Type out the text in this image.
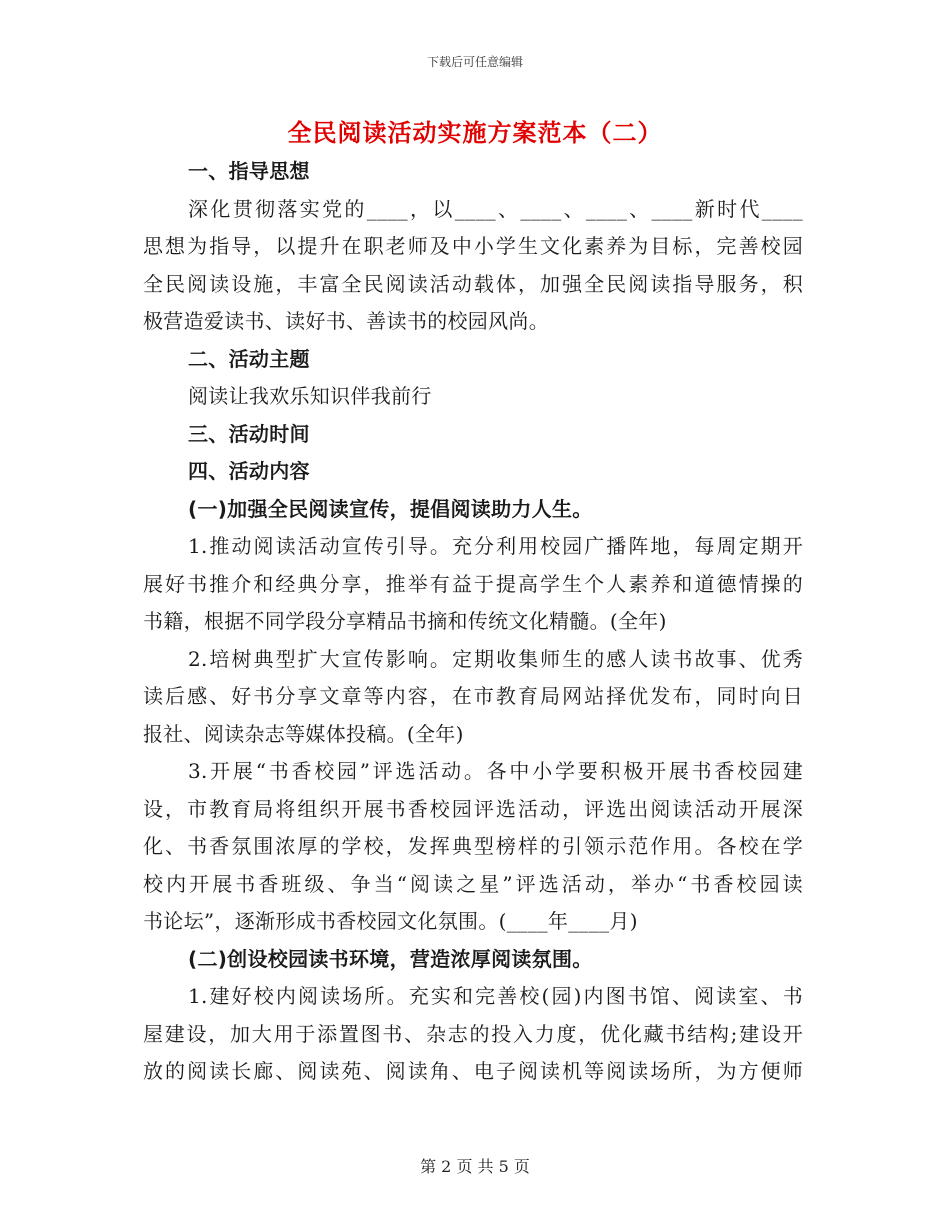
下载后可任意编辑
全民阅读活动实施方案范本（二）
一、指导思想
深化贯彻落实党的____，以____、____、____、____新时代____
思想为指导，以提升在职老师及中小学生文化素养为目标，完善校园
全民阅读设施，丰富全民阅读活动载体，加强全民阅读指导服务，积
极营造爱读书、读好书、善读书的校园风尚。
二、活动主题
阅读让我欢乐知识伴我前行
三、活动时间
四、活动内容
(一)加强全民阅读宣传，提倡阅读助力人生。
1.推动阅读活动宣传引导。充分利用校园广播阵地，每周定期开
展好书推介和经典分享，推举有益于提高学生个人素养和道德情操的
书籍，根据不同学段分享精品书摘和传统文化精髓。(全年)
2.培树典型扩大宣传影响。定期收集师生的感人读书故事、优秀
读后感、好书分享文章等内容，在市教育局网站择优发布，同时向日
报社、阅读杂志等媒体投稿。(全年)
3.开展“书香校园”评选活动。各中小学要积极开展书香校园建
设，市教育局将组织开展书香校园评选活动，评选出阅读活动开展深
化、书香氛围浓厚的学校，发挥典型榜样的引领示范作用。各校在学
校内开展书香班级、争当“阅读之星”评选活动，举办“书香校园读
书论坛”，逐渐形成书香校园文化氛围。(____年____月)
(二)创设校园读书环境，营造浓厚阅读氛围。
1.建好校内阅读场所。充实和完善校(园)内图书馆、阅读室、书
屋建设，加大用于添置图书、杂志的投入力度，优化藏书结构;建设开
放的阅读长廊、阅读苑、阅读角、电子阅读机等阅读场所，为方便师
第 2 页 共 5 页
